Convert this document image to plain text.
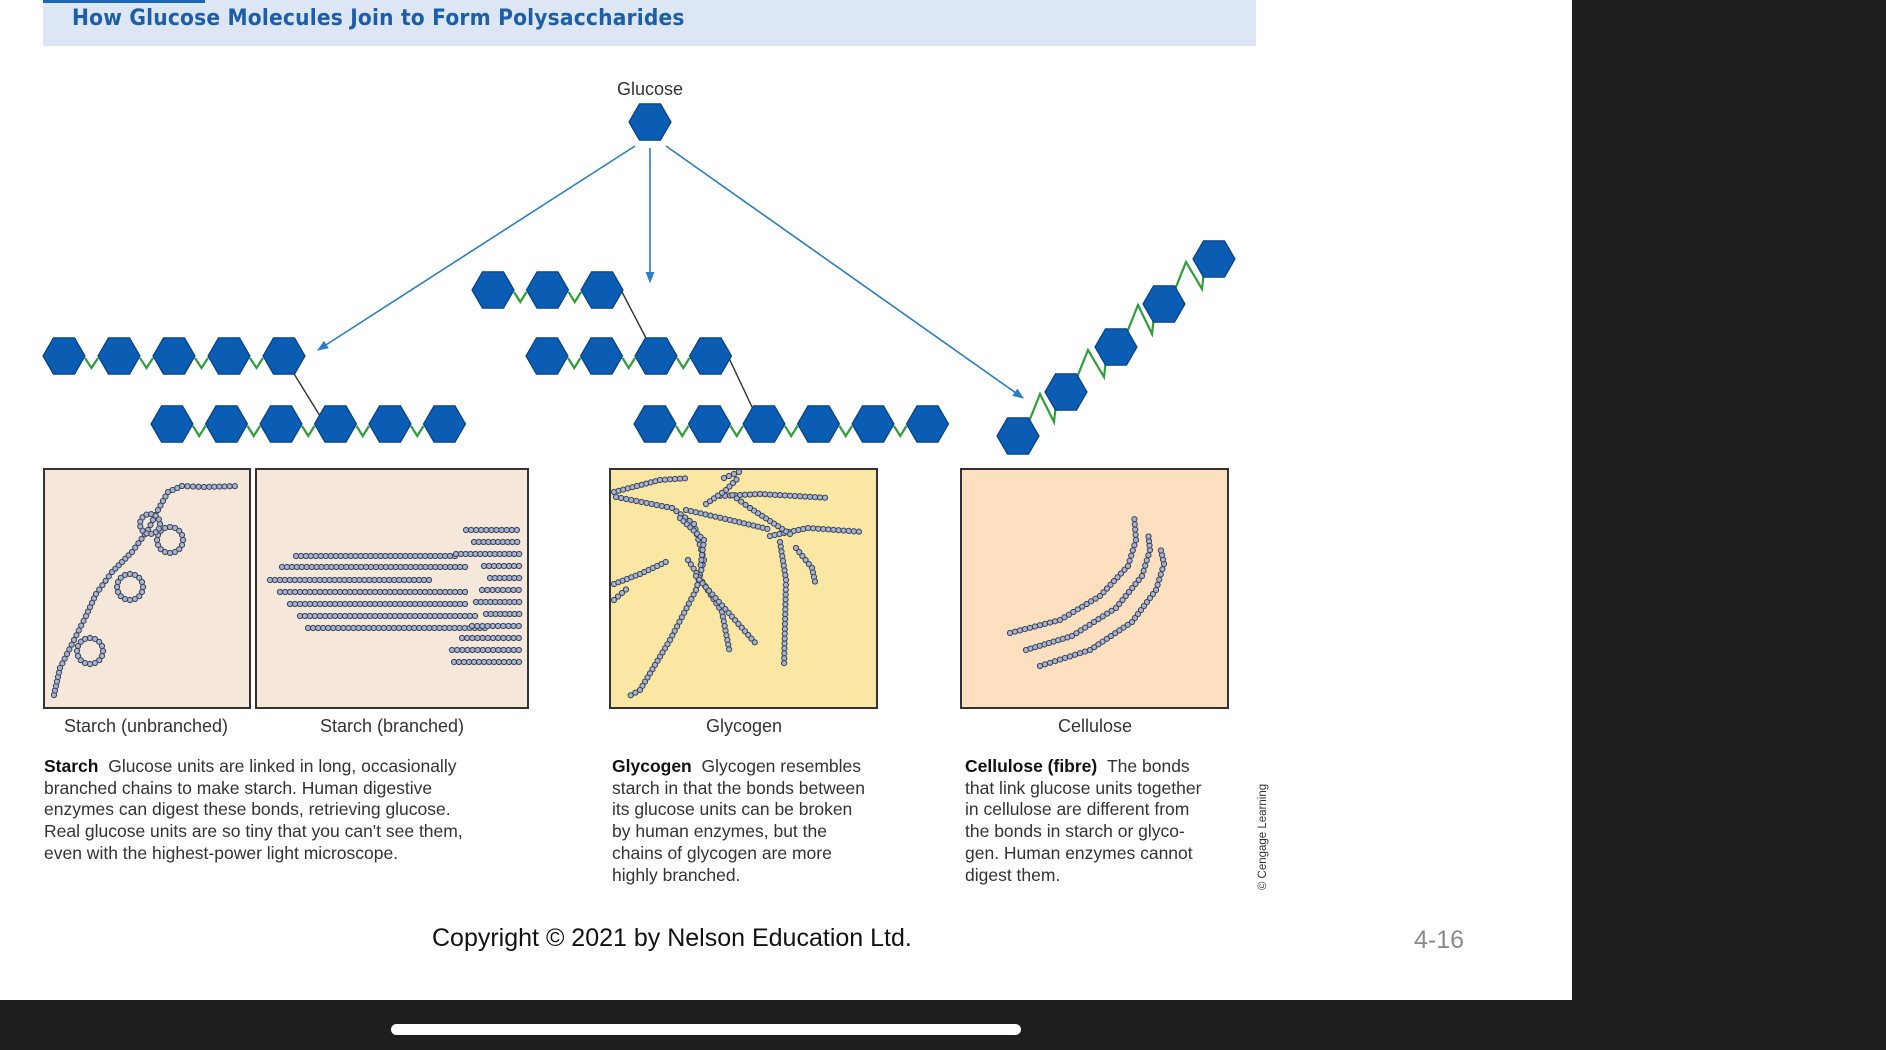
How Glucose Molecules Join to Form Polysaccharides
Glucose
Starch (unbranched)	Starch (branched)	Glycogen	Cellulose
Starch Glucose units are linked in long, occasionally
branched chains to make starch. Human digestive
enzymes can digest these bonds, retrieving glucose.
Real glucose units are so tiny that you can't see them,
even with the highest-power light microscope.
Glycogen Glycogen resembles
starch in that the bonds between
its glucose units can be broken
by human enzymes, but the
chains of glycogen are more
highly branched.
Cellulose (fibre) The bonds
that link glucose units together
in cellulose are different from
the bonds in starch or glyco-
gen. Human enzymes cannot
digest them.	© Cengage Learning
Copyright © 2021 by Nelson Education Ltd.	4-16
